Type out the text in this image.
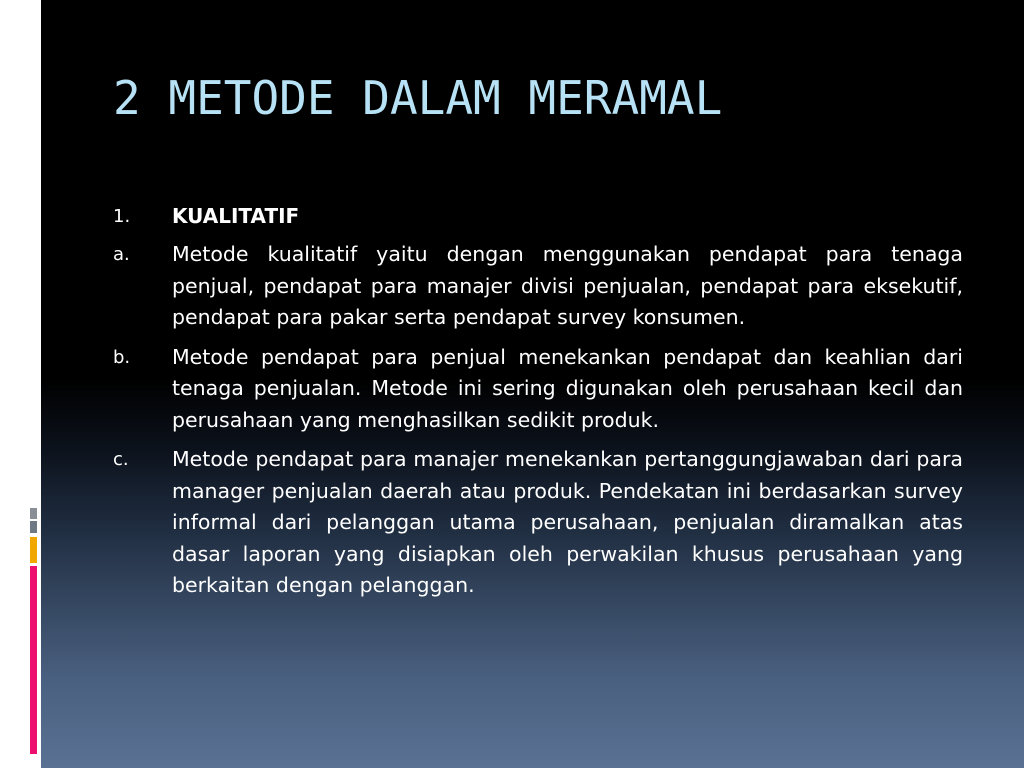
2 METODE DALAM MERAMAL
1.	KUALITATIF
a.	Metode kualitatif yaitu dengan menggunakan pendapat para tenaga penjual, pendapat para manajer divisi penjualan, pendapat para eksekutif, pendapat para pakar serta pendapat survey konsumen.
b.	Metode pendapat para penjual menekankan pendapat dan keahlian dari tenaga penjualan. Metode ini sering digunakan oleh perusahaan kecil dan perusahaan yang menghasilkan sedikit produk.
c.	Metode pendapat para manajer menekankan pertanggungjawaban dari para manager penjualan daerah atau produk. Pendekatan ini berdasarkan survey informal dari pelanggan utama perusahaan, penjualan diramalkan atas dasar laporan yang disiapkan oleh perwakilan khusus perusahaan yang berkaitan dengan pelanggan.
